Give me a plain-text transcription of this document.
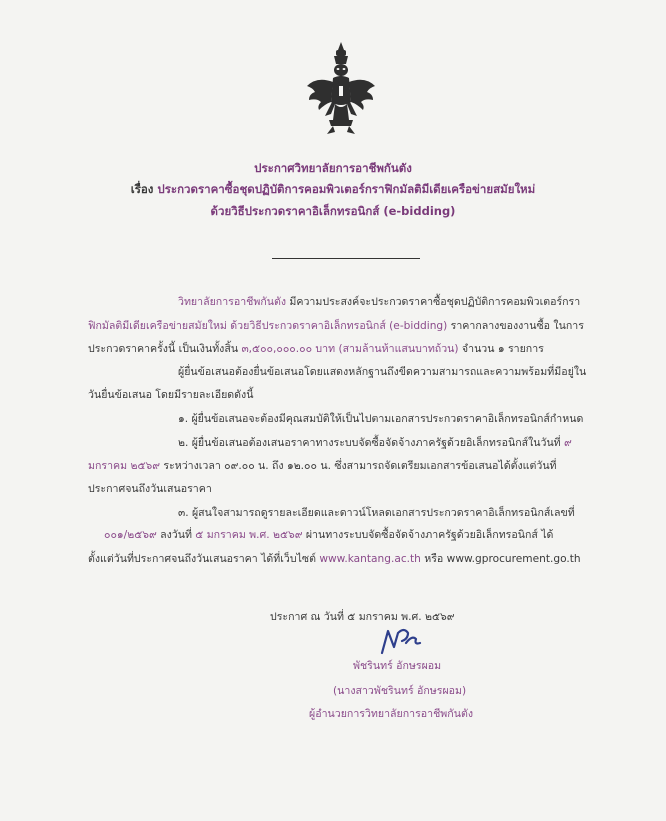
ประกาศวิทยาลัยการอาชีพกันตัง
เรื่อง ประกวดราคาซื้อชุดปฏิบัติการคอมพิวเตอร์กราฟิกมัลติมีเดียเครือข่ายสมัยใหม่
ด้วยวิธีประกวดราคาอิเล็กทรอนิกส์ (e-bidding)
วิทยาลัยการอาชีพกันตัง มีความประสงค์จะประกวดราคาซื้อชุดปฏิบัติการคอมพิวเตอร์กรา
ฟิกมัลติมีเดียเครือข่ายสมัยใหม่ ด้วยวิธีประกวดราคาอิเล็กทรอนิกส์ (e-bidding) ราคากลางของงานซื้อ ในการ
ประกวดราคาครั้งนี้ เป็นเงินทั้งสิ้น ๓,๕๐๐,๐๐๐.๐๐ บาท (สามล้านห้าแสนบาทถ้วน) จำนวน ๑ รายการ
ผู้ยื่นข้อเสนอต้องยื่นข้อเสนอโดยแสดงหลักฐานถึงขีดความสามารถและความพร้อมที่มีอยู่ใน
วันยื่นข้อเสนอ โดยมีรายละเอียดดังนี้
๑. ผู้ยื่นข้อเสนอจะต้องมีคุณสมบัติให้เป็นไปตามเอกสารประกวดราคาอิเล็กทรอนิกส์กำหนด
๒. ผู้ยื่นข้อเสนอต้องเสนอราคาทางระบบจัดซื้อจัดจ้างภาครัฐด้วยอิเล็กทรอนิกส์ในวันที่ ๙
มกราคม ๒๕๖๙ ระหว่างเวลา ๐๙.๐๐ น. ถึง ๑๒.๐๐ น. ซึ่งสามารถจัดเตรียมเอกสารข้อเสนอได้ตั้งแต่วันที่
ประกาศจนถึงวันเสนอราคา
๓. ผู้สนใจสามารถดูรายละเอียดและดาวน์โหลดเอกสารประกวดราคาอิเล็กทรอนิกส์เลขที่
๐๐๑/๒๕๖๙ ลงวันที่ ๕ มกราคม พ.ศ. ๒๕๖๙ ผ่านทางระบบจัดซื้อจัดจ้างภาครัฐด้วยอิเล็กทรอนิกส์ ได้
ตั้งแต่วันที่ประกาศจนถึงวันเสนอราคา ได้ที่เว็บไซต์ www.kantang.ac.th หรือ www.gprocurement.go.th
ประกาศ ณ วันที่ ๕ มกราคม พ.ศ. ๒๕๖๙
พัชรินทร์ อักษรผอม
(นางสาวพัชรินทร์ อักษรผอม)
ผู้อำนวยการวิทยาลัยการอาชีพกันตัง
